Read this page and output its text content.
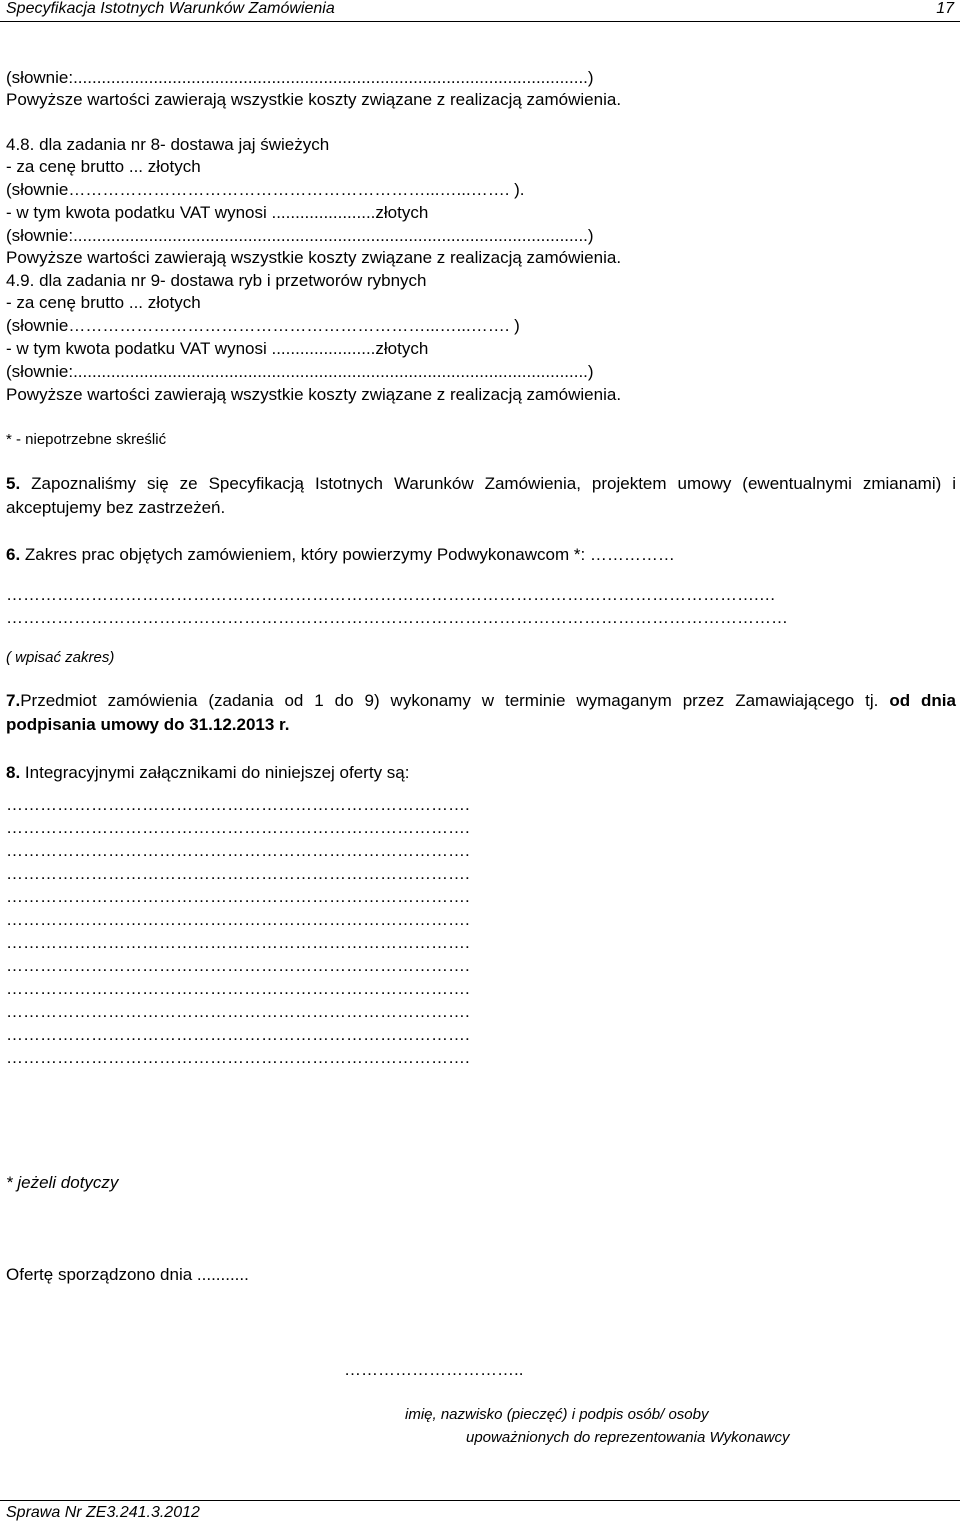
Specyfikacja Istotnych Warunków Zamówienia	17
(słownie:.............................................................................................................)
Powyższe wartości zawierają wszystkie koszty związane z realizacją zamówienia.
4.8. dla zadania nr 8- dostawa jaj świeżych
- za cenę brutto ... złotych
(słownie………………………………………………………...…...……. ).
- w tym kwota podatku VAT wynosi ......................złotych
(słownie:.............................................................................................................)
Powyższe wartości zawierają wszystkie koszty związane z realizacją zamówienia.
4.9. dla zadania nr 9- dostawa ryb i przetworów rybnych
- za cenę brutto ... złotych
(słownie………………………………………………………...…...……. )
- w tym kwota podatku VAT wynosi ......................złotych
(słownie:.............................................................................................................)
Powyższe wartości zawierają wszystkie koszty związane z realizacją zamówienia.
* - niepotrzebne skreślić
5. Zapoznaliśmy się ze Specyfikacją Istotnych Warunków Zamówienia, projektem umowy (ewentualnymi zmianami) i akceptujemy bez zastrzeżeń.
6. Zakres prac objętych zamówieniem, który powierzymy Podwykonawcom *: ……………
…………………………………………………………………………………………………………………….…
…………………………………………………………………………………………………………………………
( wpisać zakres)
7.Przedmiot zamówienia (zadania od 1 do 9) wykonamy w terminie wymaganym przez Zamawiającego tj. od dnia podpisania umowy do 31.12.2013 r.
8. Integracyjnymi załącznikami do niniejszej oferty są:
……………………………………………………………………….
……………………………………………………………………….
……………………………………………………………………….
……………………………………………………………………….
……………………………………………………………………….
……………………………………………………………………….
……………………………………………………………………….
……………………………………………………………………….
……………………………………………………………………….
……………………………………………………………………….
……………………………………………………………………….
……………………………………………………………………….
* jeżeli dotyczy
Ofertę sporządzono dnia ...........
…………………………..
imię, nazwisko (pieczęć) i podpis osób/ osoby
upoważnionych do reprezentowania Wykonawcy
Sprawa Nr ZE3.241.3.2012
